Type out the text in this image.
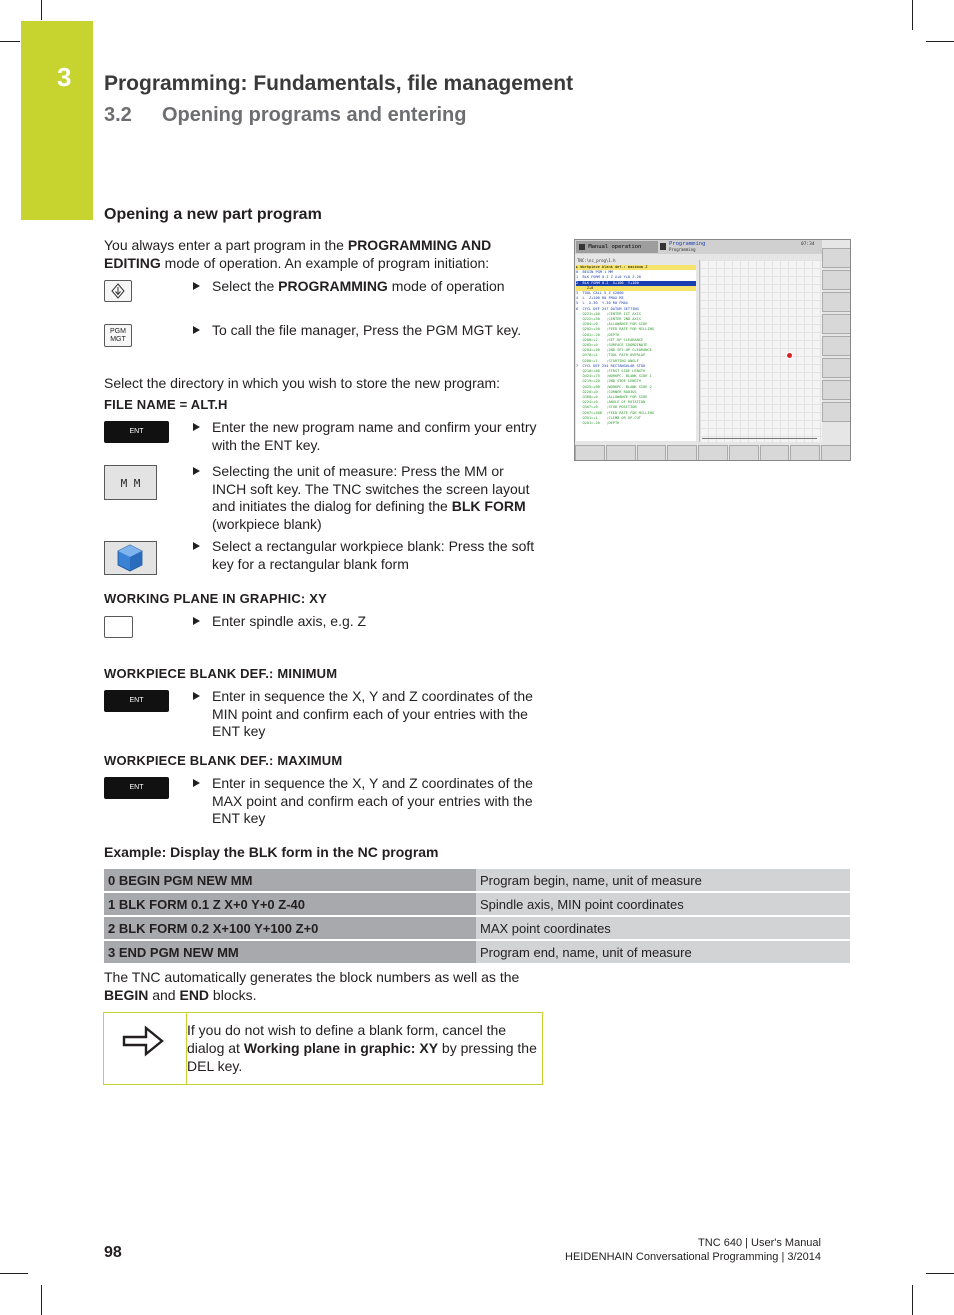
3 Programming: Fundamentals, file management
3.2 Opening programs and entering
Opening a new part program
You always enter a part program in the PROGRAMMING AND EDITING mode of operation. An example of program initiation:
Select the PROGRAMMING mode of operation
PGM
MGT
To call the file manager, Press the PGM MGT key.
Select the directory in which you wish to store the new program:
FILE NAME = ALT.H
ENT	Enter the new program name and confirm your entry with the ENT key.
M M
Selecting the unit of measure: Press the MM or INCH soft key. The TNC switches the screen layout and initiates the dialog for defining the BLK FORM (workpiece blank)
Select a rectangular workpiece blank: Press the soft key for a rectangular blank form
WORKING PLANE IN GRAPHIC: XY
Enter spindle axis, e.g. Z
WORKPIECE BLANK DEF.: MINIMUM
ENT	Enter in sequence the X, Y and Z coordinates of the MIN point and confirm each of your entries with the ENT key
WORKPIECE BLANK DEF.: MAXIMUM
ENT	Enter in sequence the X, Y and Z coordinates of the MAX point and confirm each of your entries with the ENT key
Manual operation	Programming
Programming
07:34
TNC:\nc_prog\1.h
► Workpiece blank def.: maximum Z
0  BEGIN PGM 1 MM
1  BLK FORM 0.1 Z X+0 Y+0 Z-20
2  BLK FORM 0.2  X+100  Y+100
Z+0
3  TOOL CALL 5 Z S2000
4  L  Z+100 R0 FMAX M3
5  L  X-30  Y-30 R0 FMAX
6  CYCL DEF 247 DATUM SETTING
Q221=+50   ;CENTER 1ST AXIS
Q222=+50   ;CENTER 2ND AXIS
Q204=+0    ;ALLOWANCE FOR SIDE
Q202=+50   ;FEED RATE FOR MILLING
Q201=-20   ;DEPTH
Q200=+2    ;SET-UP CLEARANCE
Q203=+0    ;SURFACE COORDINATE
Q204=+50   ;2ND SET-UP CLEARANCE
Q370=+1    ;TOOL PATH OVERLAP
Q206=+1    ;STARTING ANGLE
7  CYCL DEF 254 RECTANGULAR STUD
Q218=+60   ;FIRST SIDE LENGTH
Q424=+75   ;WORKPC. BLANK SIDE 1
Q219=+20   ;2ND SIDE LENGTH
Q425=+60   ;WORKPC. BLANK SIDE 2
Q220=+0    ;CORNER RADIUS
Q368=+0    ;ALLOWANCE FOR SIDE
Q224=+0    ;ANGLE OF ROTATION
Q367=+0    ;STUD POSITION
Q207=+500  ;FEED RATE FOR MILLING
Q351=+1    ;CLIMB OR UP-CUT
Q201=-20   ;DEPTH
Example: Display the BLK form in the NC program
0 BEGIN PGM NEW MM	Program begin, name, unit of measure
1 BLK FORM 0.1 Z X+0 Y+0 Z-40	Spindle axis, MIN point coordinates
2 BLK FORM 0.2 X+100 Y+100 Z+0	MAX point coordinates
3 END PGM NEW MM	Program end, name, unit of measure
The TNC automatically generates the block numbers as well as the BEGIN and END blocks.
If you do not wish to define a blank form, cancel the dialog at Working plane in graphic: XY by pressing the DEL key.
98
TNC 640 | User's Manual
HEIDENHAIN Conversational Programming | 3/2014
